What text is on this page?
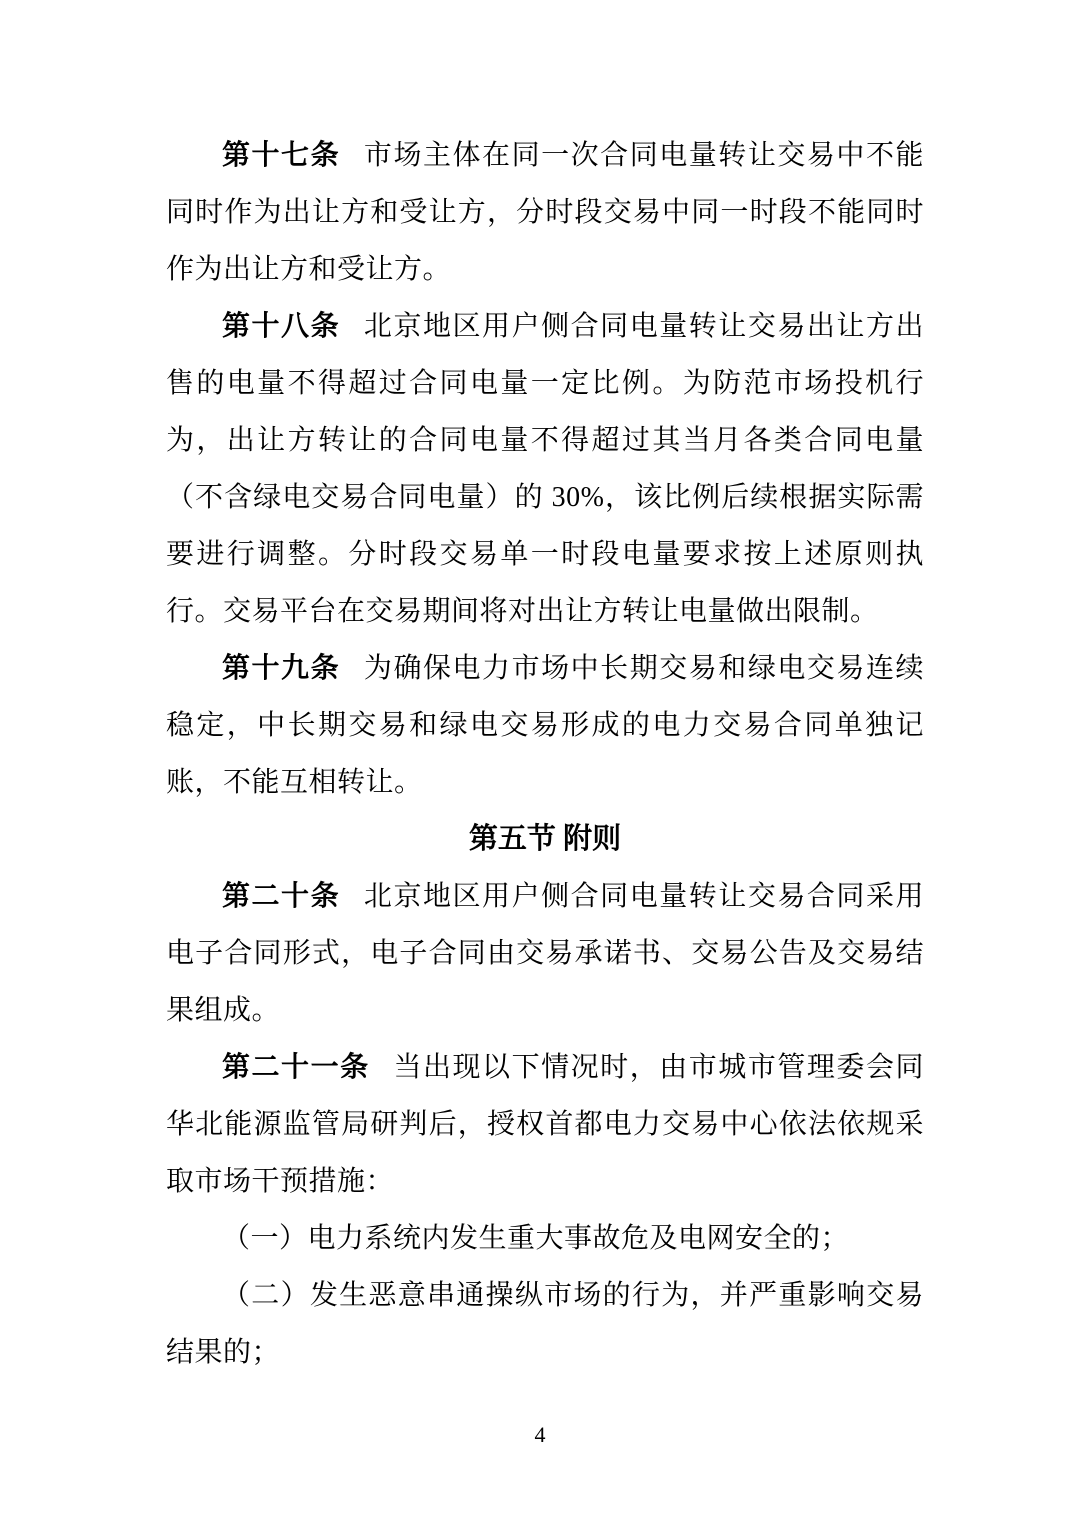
第十七条 市场主体在同一次合同电量转让交易中不能同时作为出让方和受让方，分时段交易中同一时段不能同时作为出让方和受让方。

第十八条 北京地区用户侧合同电量转让交易出让方出售的电量不得超过合同电量一定比例。为防范市场投机行为，出让方转让的合同电量不得超过其当月各类合同电量（不含绿电交易合同电量）的 30%，该比例后续根据实际需要进行调整。分时段交易单一时段电量要求按上述原则执行。交易平台在交易期间将对出让方转让电量做出限制。

第十九条 为确保电力市场中长期交易和绿电交易连续稳定，中长期交易和绿电交易形成的电力交易合同单独记账，不能互相转让。

第五节 附则

第二十条 北京地区用户侧合同电量转让交易合同采用电子合同形式，电子合同由交易承诺书、交易公告及交易结果组成。

第二十一条 当出现以下情况时，由市城市管理委会同华北能源监管局研判后，授权首都电力交易中心依法依规采取市场干预措施：

（一）电力系统内发生重大事故危及电网安全的；

（二）发生恶意串通操纵市场的行为，并严重影响交易结果的；

4
